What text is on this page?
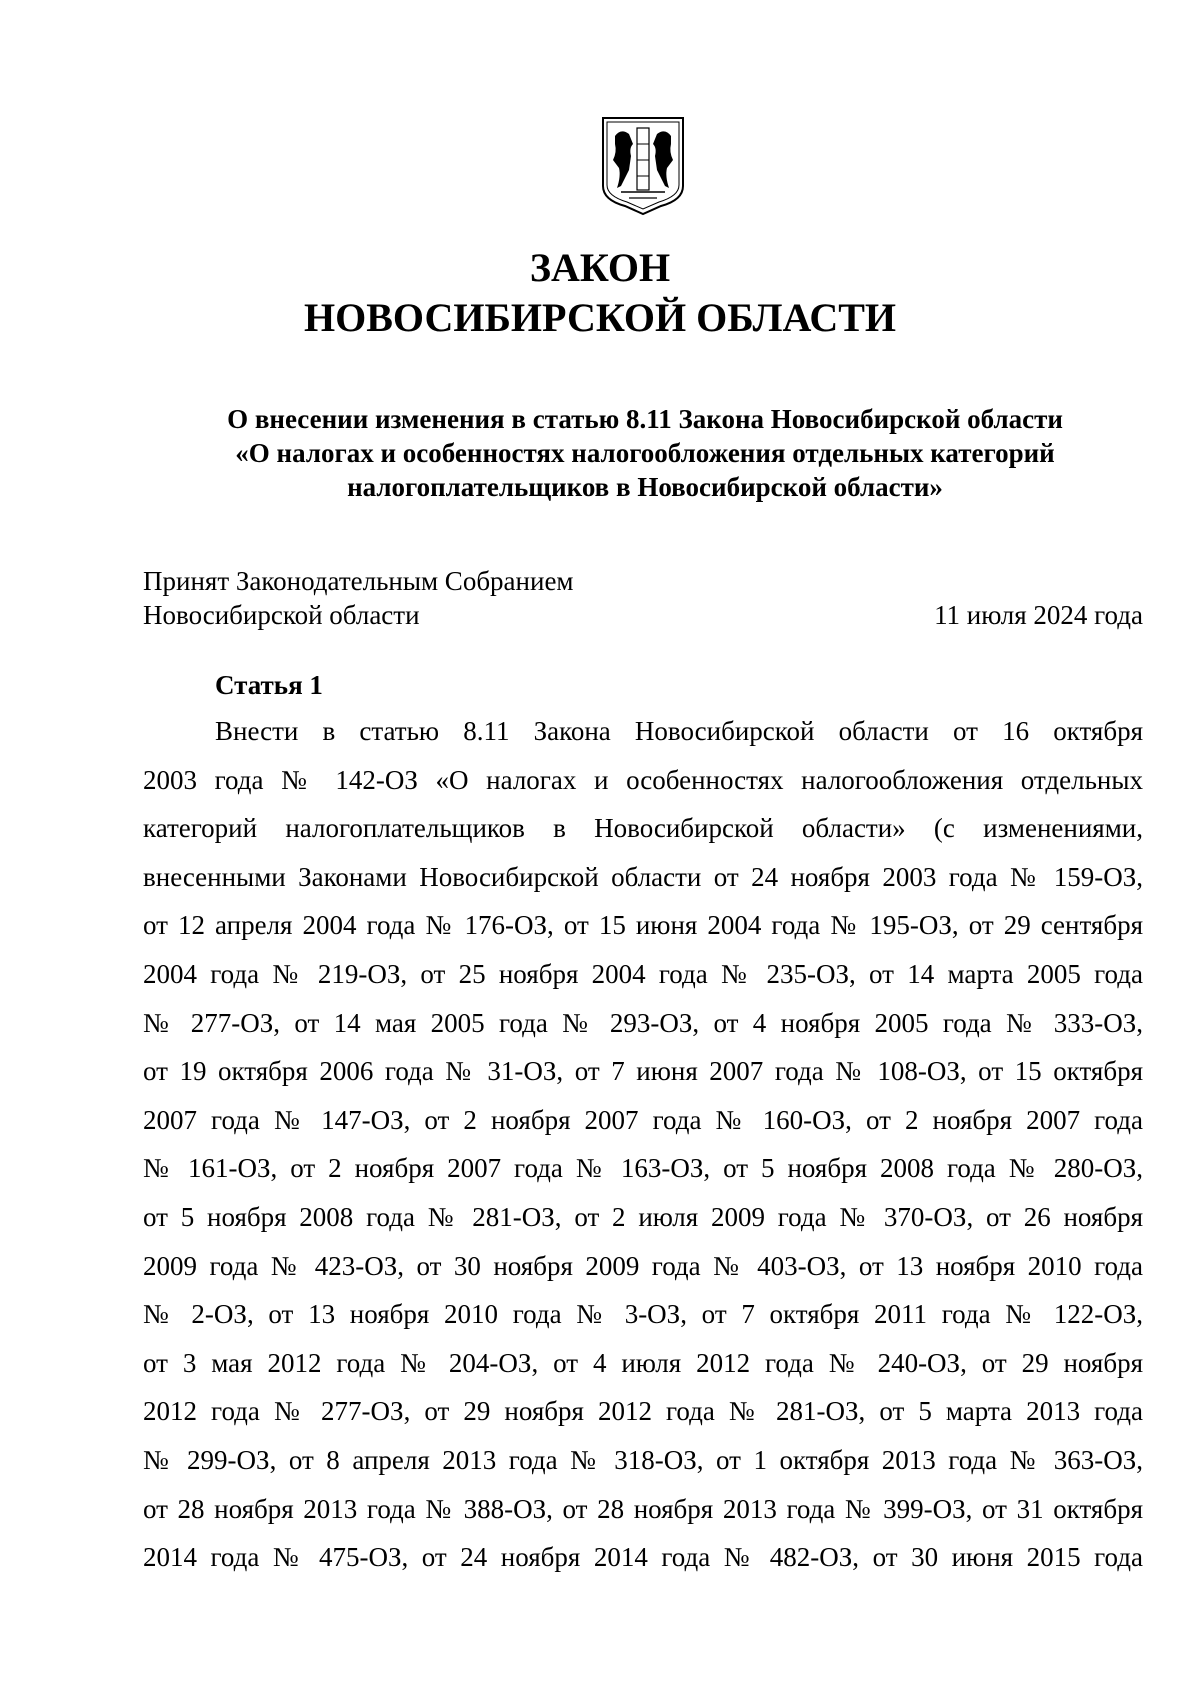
ЗАКОН
НОВОСИБИРСКОЙ ОБЛАСТИ
О внесении изменения в статью 8.11 Закона Новосибирской области
«О налогах и особенностях налогообложения отдельных категорий
налогоплательщиков в Новосибирской области»
Принят Законодательным Собранием
Новосибирской области	11 июля 2024 года
Статья 1
Внести в статью 8.11 Закона Новосибирской области от 16 октября
2003 года № 142-ОЗ «О налогах и особенностях налогообложения отдельных
категорий налогоплательщиков в Новосибирской области» (с изменениями,
внесенными Законами Новосибирской области от 24 ноября 2003 года № 159-ОЗ,
от 12 апреля 2004 года № 176-ОЗ, от 15 июня 2004 года № 195-ОЗ, от 29 сентября
2004 года № 219-ОЗ, от 25 ноября 2004 года № 235-ОЗ, от 14 марта 2005 года
№ 277-ОЗ, от 14 мая 2005 года № 293-ОЗ, от 4 ноября 2005 года № 333-ОЗ,
от 19 октября 2006 года № 31-ОЗ, от 7 июня 2007 года № 108-ОЗ, от 15 октября
2007 года № 147-ОЗ, от 2 ноября 2007 года № 160-ОЗ, от 2 ноября 2007 года
№ 161-ОЗ, от 2 ноября 2007 года № 163-ОЗ, от 5 ноября 2008 года № 280-ОЗ,
от 5 ноября 2008 года № 281-ОЗ, от 2 июля 2009 года № 370-ОЗ, от 26 ноября
2009 года № 423-ОЗ, от 30 ноября 2009 года № 403-ОЗ, от 13 ноября 2010 года
№ 2-ОЗ, от 13 ноября 2010 года № 3-ОЗ, от 7 октября 2011 года № 122-ОЗ,
от 3 мая 2012 года № 204-ОЗ, от 4 июля 2012 года № 240-ОЗ, от 29 ноября
2012 года № 277-ОЗ, от 29 ноября 2012 года № 281-ОЗ, от 5 марта 2013 года
№ 299-ОЗ, от 8 апреля 2013 года № 318-ОЗ, от 1 октября 2013 года № 363-ОЗ,
от 28 ноября 2013 года № 388-ОЗ, от 28 ноября 2013 года № 399-ОЗ, от 31 октября
2014 года № 475-ОЗ, от 24 ноября 2014 года № 482-ОЗ, от 30 июня 2015 года
